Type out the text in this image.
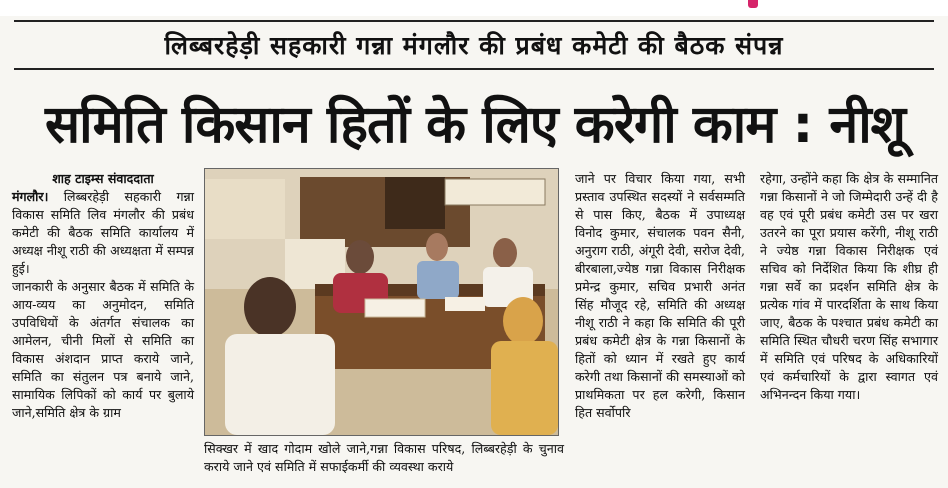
लिब्बरहेड़ी सहकारी गन्ना मंगलौर की प्रबंध कमेटी की बैठक संपन्न
समिति किसान हितों के लिए करेगी काम : नीशू
शाह टाइम्स संवाददाता

मंगलौर। लिब्बरहेड़ी सहकारी गन्ना विकास समिति लिव मंगलौर की प्रबंध कमेटी की बैठक समिति कार्यालय में अध्यक्ष नीशू राठी की अध्यक्षता में सम्पन्न हुई।

जानकारी के अनुसार बैठक में समिति के आय-व्यय का अनुमोदन, समिति उपविधियों के अंतर्गत संचालक का आमेलन, चीनी मिलों से समिति का विकास अंशदान प्राप्त कराये जाने, समिति का संतुलन पत्र बनाये जाने, सामायिक लिपिकों को कार्य पर बुलाये जाने,समिति क्षेत्र के ग्राम

सिक्खर में खाद गोदाम खोले जाने,गन्ना विकास परिषद, लिब्बरहेड़ी के चुनाव कराये जाने एवं समिति में सफाईकर्मी की व्यवस्था कराये
जाने पर विचार किया गया, सभी प्रस्ताव उपस्थित सदस्यों ने सर्वसम्मति से पास किए, बैठक में उपाध्यक्ष विनोद कुमार, संचालक पवन सैनी, अनुराग राठी, अंगूरी देवी, सरोज देवी, बीरबाला,ज्येष्ठ गन्ना विकास निरीक्षक प्रमेन्द्र कुमार, सचिव प्रभारी अनंत सिंह मौजूद रहे, समिति की अध्यक्ष नीशू राठी ने कहा कि समिति की पूरी प्रबंध कमेटी क्षेत्र के गन्ना किसानों के हितों को ध्यान में रखते हुए कार्य करेगी तथा किसानों की समस्याओं को प्राथमिकता पर हल करेगी, किसान हित सर्वोपरि
रहेगा, उन्होंने कहा कि क्षेत्र के सम्मानित गन्ना किसानों ने जो जिम्मेदारी उन्हें दी है वह एवं पूरी प्रबंध कमेटी उस पर खरा उतरने का पूरा प्रयास करेंगी, नीशू राठी ने ज्येष्ठ गन्ना विकास निरीक्षक एवं सचिव को निर्देशित किया कि शीघ्र ही गन्ना सर्वे का प्रदर्शन समिति क्षेत्र के प्रत्येक गांव में पारदर्शिता के साथ किया जाए, बैठक के पश्चात प्रबंध कमेटी का समिति स्थित चौधरी चरण सिंह सभागार में समिति एवं परिषद के अधिकारियों एवं कर्मचारियों के द्वारा स्वागत एवं अभिनन्दन किया गया।
